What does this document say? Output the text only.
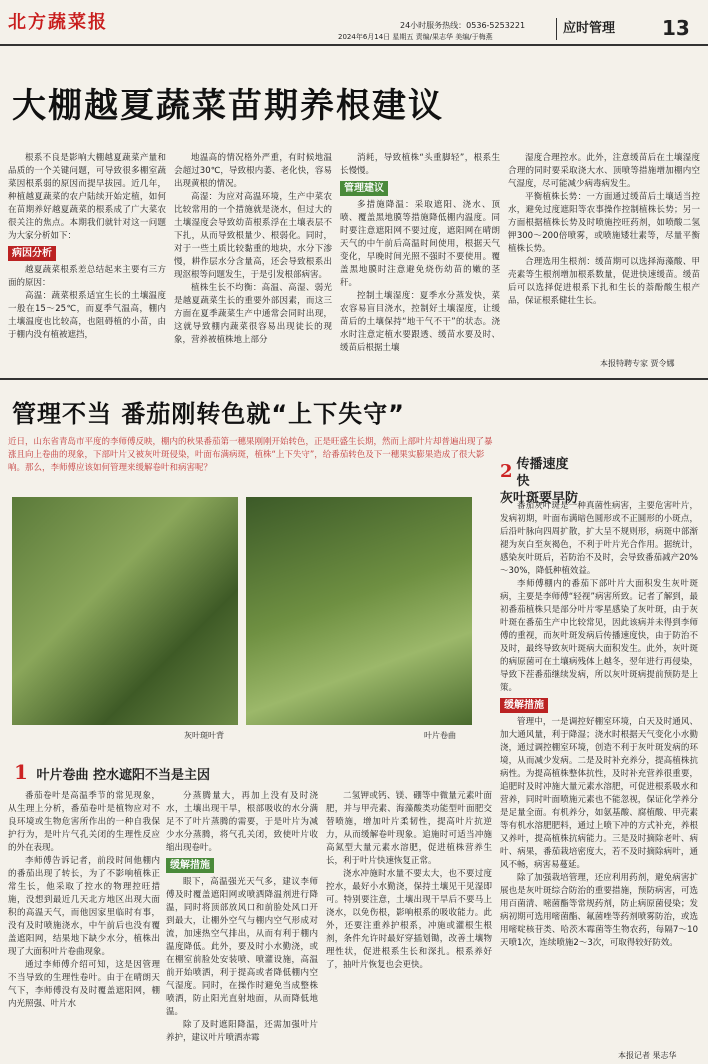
北方蔬菜报	24小时服务热线：0536-5253221
2024年6月14日 星期五 责编/果志华 美编/于梅燕
应时管理	13
大棚越夏蔬菜苗期养根建议

根系不良是影响大棚越夏蔬菜产量和品质的一个关键问题，可导致很多棚室蔬菜因根系弱的原因而提早拔园。近几年，种植越夏蔬菜的农户陆续开始定植，如何在苗期养好越夏蔬菜的根系成了广大菜农很关注的焦点。本期我们就针对这一问题为大家分析如下：

病因分析

越夏蔬菜根系差总结起来主要有三方面的原因：

高温：蔬菜根系适宜生长的土壤温度一般在15～25℃，而夏季气温高，棚内土壤温度也比较高，也阻碍植的小苗，由于棚内没有植被遮挡，

地温高的情况格外严重，有时候地温会超过30℃，导致根内萎、老化快，容易出现黄根的情况。

高湿：为应对高温环境，生产中菜农比较常用的一个措施就是浇水，但过大的土壤湿度会导致幼苗根系浮在土壤表层不下扎，从而导致根量少、根弱化。同时，对于一些土质比较黏重的地块，水分下渗慢，耕作层水分含量高，还会导致根系出现沤根等问题发生，于是引发根部病害。

植株生长不均衡：高温、高湿、弱光是越夏蔬菜生长的重要外部因素，而这三方面在夏季蔬菜生产中通常会同时出现，这就导致棚内蔬菜很容易出现徒长的现象，营养被植株地上部分

消耗，导致植株“头重脚轻”，根系生长慢慢。

管理建议

多措施降温：采取遮阳、浇水、顶喷、覆盖黑地膜等措施降低棚内温度。同时要注意遮阳网不要过度，遮阳网在晴朗天气的中午前后高温时间使用，根据天气变化，早晚时间光照不强时不要使用。覆盖黑地膜时注意避免烧伤幼苗的嫩的茎秆。

控制土壤湿度：夏季水分蒸发快，菜农容易盲目浇水，控制好土壤湿度，让缓苗后的土壤保持“地干气不干”的状态。浇水时注意定植水要跟透、缓苗水要及时、缓苗后根据土壤

湿度合理控水。此外，注意缓苗后在土壤湿度合理的同时要采取浇大水、顶喷等措施增加棚内空气湿度，尽可能减少病毒病发生。

平衡植株长势：一方面通过缓苗后土壤适当控水，避免过度遮阳等农事操作控制植株长势；另一方面根据植株长势及时喷施控旺药剂，如喷酸二氢钾300～200倍喷雾，或喷施矮壮素等，尽量平衡植株长势。

合理选用生根剂：缓苗期可以选择海藻酸、甲壳素等生根剂增加根系数量，促进快速缓苗。缓苗后可以选择促进根系下扎和生长的萘酚酸生根产品，保证根系健壮生长。

本报特聘专家 贾令娜
管理不当 番茄刚转色就“上下失守”
近日，山东省青岛市平度的李师傅反映，棚内的秋果番茄第一穗果刚刚开始转色，正是旺盛生长期，然而上部叶片却普遍出现了暴涨且向上卷曲的现象，下部叶片又被灰叶斑侵染，叶面布满病斑，植株“上下失守”，给番茄转色及下一穗果实膨果造成了很大影响。那么，李师傅应该如何管理来缓解卷叶和病害呢？
灰叶斑叶背	叶片卷曲
2 传播速度快
灰叶斑要早防

番茄灰叶斑是一种真菌性病害，主要危害叶片，发病初期，叶面布满暗色圆形或不正圆形的小斑点，后沿叶脉向四周扩散，扩大呈不规则形，病斑中部渐褪为灰白至灰褐色，不利于叶片光合作用。据统计，感染灰叶斑后，若防治不及时，会导致番茄减产20%～30%，降低种植效益。

李师傅棚内的番茄下部叶片大面积发生灰叶斑病，主要是李师傅“轻视”病害所致。记者了解到，最初番茄植株只是部分叶片零星感染了灰叶斑，由于灰叶斑在番茄生产中比较常见，因此该病并未得到李师傅的重视，而灰叶斑发病后传播速度快，由于防治不及时，最终导致灰叶斑病大面积发生。此外，灰叶斑的病原菌可在土壤病残体上越冬，翌年进行再侵染，导致下茬番茄继续发病，所以灰叶斑病提前预防是上策。

缓解措施

管理中，一是调控好棚室环境，白天及时通风、加大通风量，利于降湿；浇水时根据天气变化小水勤浇，通过调控棚室环境，创造不利于灰叶斑发病的环境，从而减少发病。二是及时补充养分，提高植株抗病性。为提高植株整体抗性，及时补充营养很重要，追肥时及时冲施大量元素水溶肥，可促进根系吸水和营养，同时叶面喷施元素也不能忽视，保证化学养分是足量全面。有机养分，如氨基酸、腐植酸、甲壳素等有机水溶肥肥料，通过上喷下冲的方式补充，养根又养叶，提高植株抗病能力。三是及时摘除老叶、病叶、病果，番茄栽培密度大，若不及时摘除病叶，通风不畅，病害易蔓延。

除了加强栽培管理，还应利用药剂，避免病害扩展也是灰叶斑综合防治的重要措施，预防病害，可选用百菌清、嘧菌酯等常规药剂，防止病原菌侵染；发病初期可选用嘧菌酯、氟菌唑等药剂喷雾防治，或选用嘧啶核苷类、哈茨木霉菌等生物农药，每隔7～10天喷1次，连续喷施2～3次，可取得较好防效。

本报记者 果志华
1 叶片卷曲 控水遮阳不当是主因

番茄卷叶是高温季节的常见现象，从生理上分析，番茄卷叶是植物应对不良环境或生物危害所作出的一种自我保护行为，是叶片气孔关闭的生理性反应的外在表现。

李师傅告诉记者，前段时间他棚内的番茄出现了转长，为了不影响植株正常生长，他采取了控水的物理控旺措施，没想到最近几天北方地区出现大面积的高温天气，而他因家里临时有事，没有及时喷施浇水，中午前后也没有覆盖遮阳网，结果地下缺少水分，植株出现了大面积叶片卷曲现象。

通过李师傅介绍可知，这是因管理不当导致的生理性卷叶。由于在晴朗天气下，李师傅没有及时覆盖遮阳网，棚内光照强、叶片水

分蒸腾量大，再加上没有及时浇水，土壤出现干旱，根部吸收的水分满足不了叶片蒸腾的需要，于是叶片为减少水分蒸腾，将气孔关闭，致使叶片收缩出现卷叶。

缓解措施

眼下，高温强光天气多，建议李师傅及时覆盖遮阳网或喷洒降温剂进行降温，同时将顶部放风口和前脸处风口开到最大，让棚外空气与棚内空气形成对流，加速热空气排出，从而有利于棚内温度降低。此外，要及时小水勤浇，或在棚室前脸处安装喷、喷灌设施，高温前开始喷洒，利于提高或者降低棚内空气湿度。同时，在操作时避免当成整株喷洒，防止阳光直射地面，从而降低地温。

除了及时遮阳降温，还需加强叶片养护，建议叶片喷洒赤霉

二氢钾或钙、镁、硼等中微量元素叶面肥，并与甲壳素、海藻酸类功能型叶面肥交替喷施，增加叶片柔韧性，提高叶片抗逆力，从而缓解卷叶现象。追施时可适当冲施高氮型大量元素水溶肥，促进植株营养生长，利于叶片快速恢复正常。

浇水冲施时水量不要太大，也不要过度控水，最好小水勤浇，保持土壤见干见湿即可。特别要注意，土壤出现干旱后不要马上浇水，以免伤根，影响根系的吸收能力。此外，还要注重养护根系，冲施或灌根生根剂，条件允许时最好穿插划锄，改善土壤物理性状，促进根系生长和深扎。根系养好了，抽叶片恢复也会更快。
